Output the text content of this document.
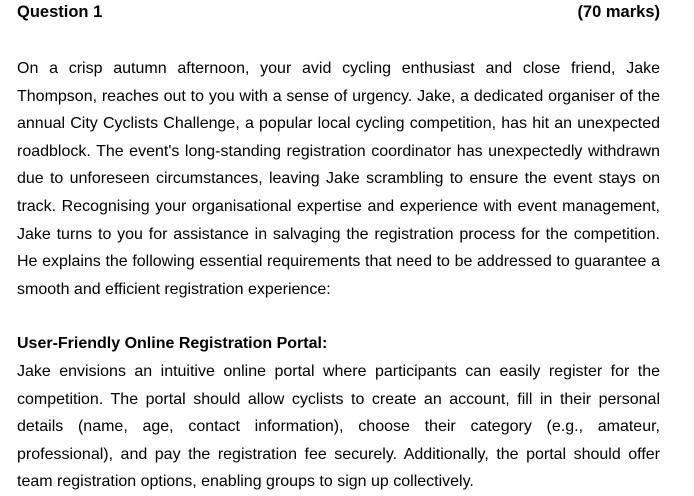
Question 1	(70 marks)

On a crisp autumn afternoon, your avid cycling enthusiast and close friend, Jake Thompson, reaches out to you with a sense of urgency. Jake, a dedicated organiser of the annual City Cyclists Challenge, a popular local cycling competition, has hit an unexpected roadblock. The event's long-standing registration coordinator has unexpectedly withdrawn due to unforeseen circumstances, leaving Jake scrambling to ensure the event stays on track. Recognising your organisational expertise and experience with event management, Jake turns to you for assistance in salvaging the registration process for the competition. He explains the following essential requirements that need to be addressed to guarantee a smooth and efficient registration experience:

User-Friendly Online Registration Portal:

Jake envisions an intuitive online portal where participants can easily register for the competition. The portal should allow cyclists to create an account, fill in their personal details (name, age, contact information), choose their category (e.g., amateur, professional), and pay the registration fee securely. Additionally, the portal should offer team registration options, enabling groups to sign up collectively.
